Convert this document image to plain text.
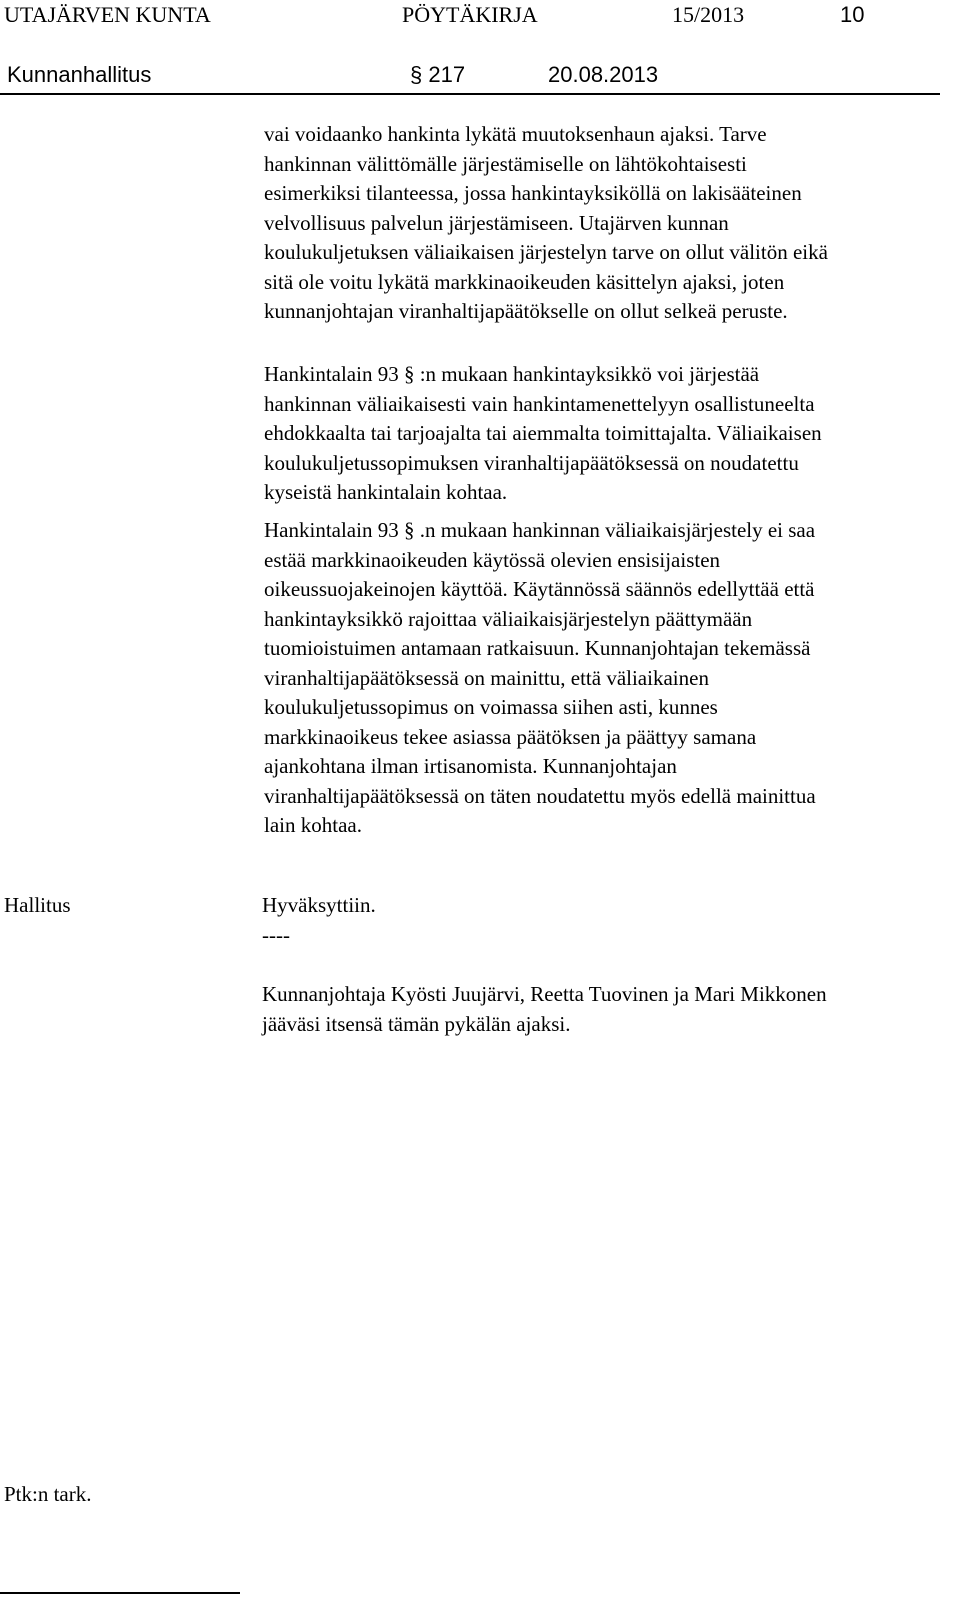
UTAJÄRVEN KUNTA	PÖYTÄKIRJA	15/2013	10
Kunnanhallitus	§ 217	20.08.2013
vai voidaanko hankinta lykätä muutoksenhaun ajaksi. Tarve
hankinnan välittömälle järjestämiselle on lähtökohtaisesti
esimerkiksi tilanteessa, jossa hankintayksiköllä on lakisääteinen
velvollisuus palvelun järjestämiseen. Utajärven kunnan
koulukuljetuksen väliaikaisen järjestelyn tarve on ollut välitön eikä
sitä ole voitu lykätä markkinaoikeuden käsittelyn ajaksi, joten
kunnanjohtajan viranhaltijapäätökselle on ollut selkeä peruste.
Hankintalain 93 § :n mukaan hankintayksikkö voi järjestää
hankinnan väliaikaisesti vain hankintamenettelyyn osallistuneelta
ehdokkaalta tai tarjoajalta tai aiemmalta toimittajalta. Väliaikaisen
koulukuljetussopimuksen viranhaltijapäätöksessä on noudatettu
kyseistä hankintalain kohtaa.
Hankintalain 93 § .n mukaan hankinnan väliaikaisjärjestely ei saa
estää markkinaoikeuden käytössä olevien ensisijaisten
oikeussuojakeinojen käyttöä. Käytännössä säännös edellyttää että
hankintayksikkö rajoittaa väliaikaisjärjestelyn päättymään
tuomioistuimen antamaan ratkaisuun. Kunnanjohtajan tekemässä
viranhaltijapäätöksessä on mainittu, että väliaikainen
koulukuljetussopimus on voimassa siihen asti, kunnes
markkinaoikeus tekee asiassa päätöksen ja päättyy samana
ajankohtana ilman irtisanomista. Kunnanjohtajan
viranhaltijapäätöksessä on täten noudatettu myös edellä mainittua
lain kohtaa.
Hallitus	Hyväksyttiin.
----
Kunnanjohtaja Kyösti Juujärvi, Reetta Tuovinen ja Mari Mikkonen
jääväsi itsensä tämän pykälän ajaksi.
Ptk:n tark.
